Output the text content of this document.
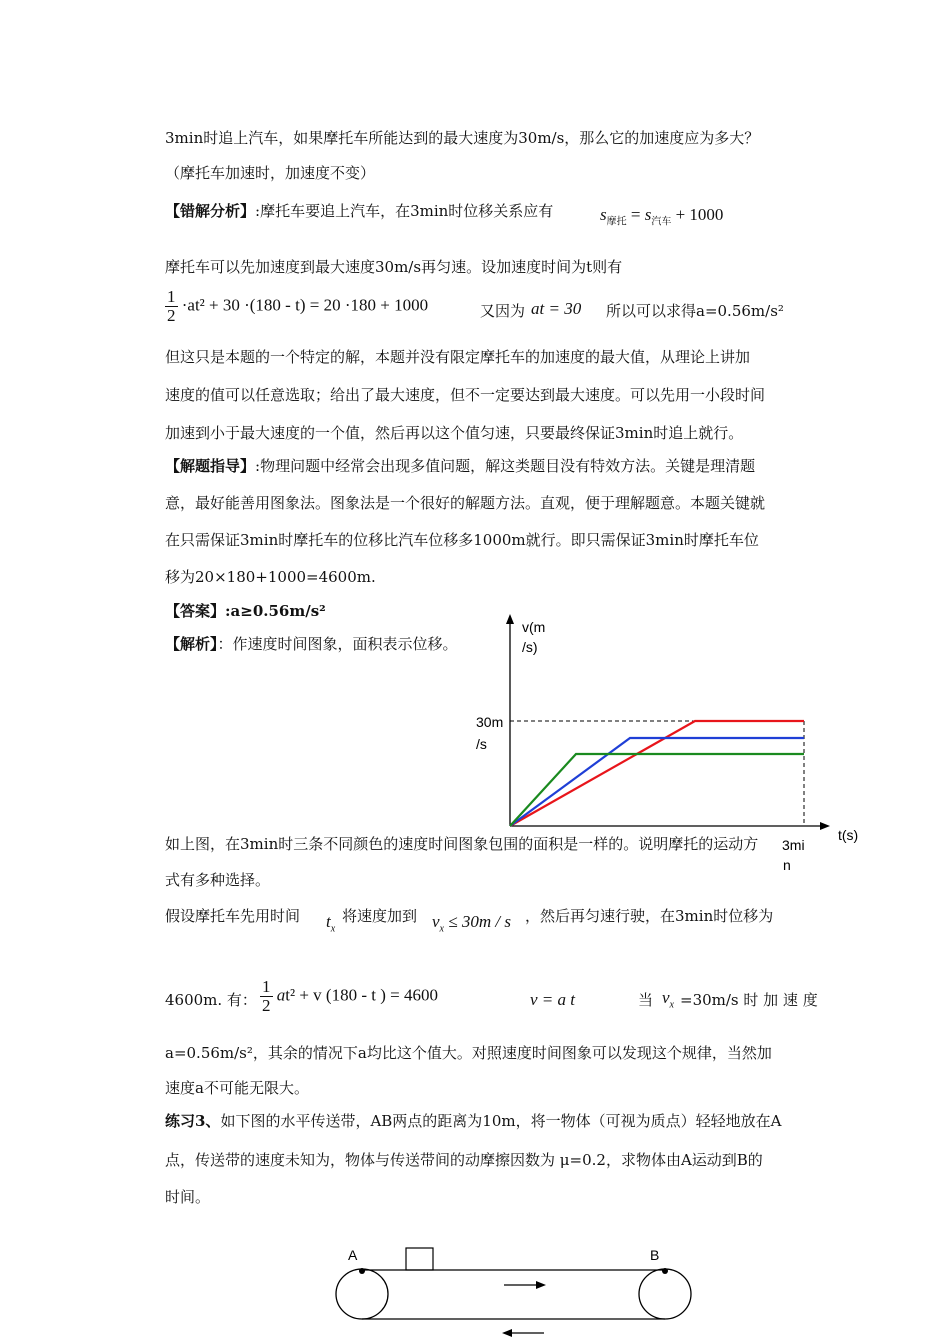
3min时追上汽车，如果摩托车所能达到的最大速度为30m/s，那么它的加速度应为多大？
（摩托车加速时，加速度不变）
【错解分析】:摩托车要追上汽车，在3min时位移关系应有	$s_{摩托} = s_{汽车} + 1000$
摩托车可以先加速度到最大速度30m/s再匀速。设加速度时间为t则有
$\frac{1}{2} \cdot at^2 + 30 \cdot(180 - t) = 20 \cdot 180 + 1000$	又因为 at = 30 所以可以求得a=0.56m/s²
但这只是本题的一个特定的解，本题并没有限定摩托车的加速度的最大值，从理论上讲加
速度的值可以任意选取；给出了最大速度，但不一定要达到最大速度。可以先用一小段时间
加速到小于最大速度的一个值，然后再以这个值匀速，只要最终保证3min时追上就行。
【解题指导】:物理问题中经常会出现多值问题，解这类题目没有特效方法。关键是理清题
意，最好能善用图象法。图象法是一个很好的解题方法。直观，便于理解题意。本题关键就
在只需保证3min时摩托车的位移比汽车位移多1000m就行。即只需保证3min时摩托车位
移为20×180+1000=4600m.
【答案】:a≥0.56m/s²
【解析】：作速度时间图象，面积表示位移。
v(m
/s)
30m
/s
t(s)
3mi
n
如上图，在3min时三条不同颜色的速度时间图象包围的面积是一样的。说明摩托的运动方
式有多种选择。
假设摩托车先用时间 $t_x$
将速度加到 $v_x \le 30m / s$ ，然后再匀速行驶，在3min时位移为
4600m. 有： $\frac{1}{2} at^2 + v$ (180 - t ) = 4600	v = a t	当 $v_x =30m/s$ 时 加 速 度
a=0.56m/s²，其余的情况下a均比这个值大。对照速度时间图象可以发现这个规律，当然加
速度a不可能无限大。
练习3、如下图的水平传送带，AB两点的距离为10m，将一物体（可视为质点）轻轻地放在A
点，传送带的速度未知为，物体与传送带间的动摩擦因数为 μ=0.2，求物体由A运动到B的
时间。
A	B
